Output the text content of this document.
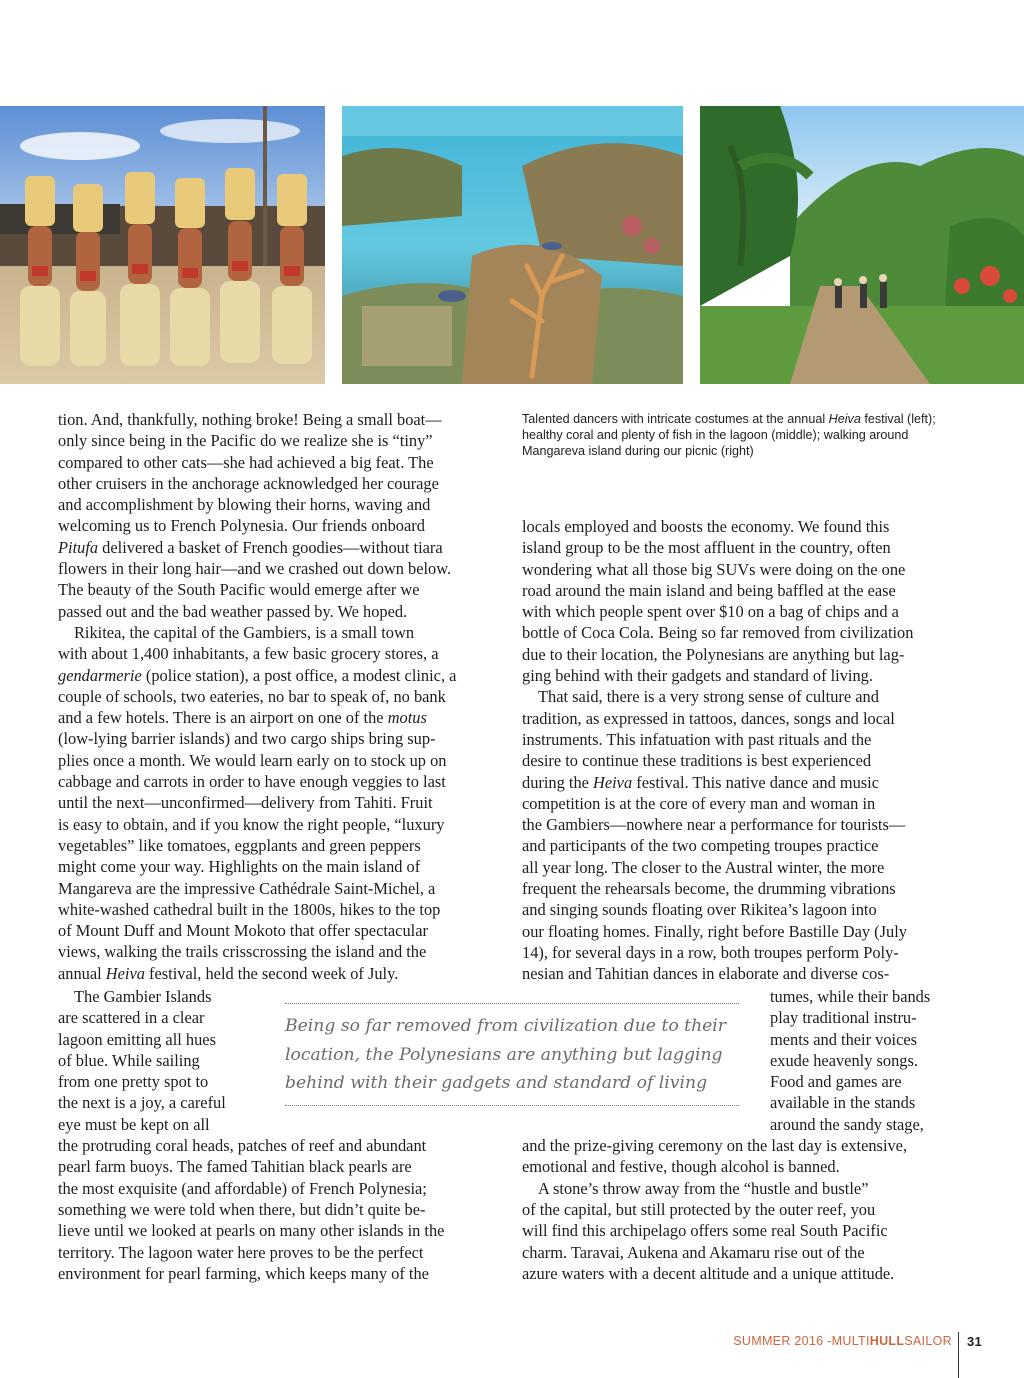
Talented dancers with intricate costumes at the annual Heiva festival (left); healthy coral and plenty of fish in the lagoon (middle); walking around Mangareva island during our picnic (right)
tion. And, thankfully, nothing broke! Being a small boat—
only since being in the Pacific do we realize she is “tiny”
compared to other cats—she had achieved a big feat. The
other cruisers in the anchorage acknowledged her courage
and accomplishment by blowing their horns, waving and
welcoming us to French Polynesia. Our friends onboard
Pitufa delivered a basket of French goodies—without tiara
flowers in their long hair—and we crashed out down below.
The beauty of the South Pacific would emerge after we
passed out and the bad weather passed by. We hoped.
Rikitea, the capital of the Gambiers, is a small town
with about 1,400 inhabitants, a few basic grocery stores, a
gendarmerie (police station), a post office, a modest clinic, a
couple of schools, two eateries, no bar to speak of, no bank
and a few hotels. There is an airport on one of the motus
(low-lying barrier islands) and two cargo ships bring sup-
plies once a month. We would learn early on to stock up on
cabbage and carrots in order to have enough veggies to last
until the next—unconfirmed—delivery from Tahiti. Fruit
is easy to obtain, and if you know the right people, “luxury
vegetables” like tomatoes, eggplants and green peppers
might come your way. Highlights on the main island of
Mangareva are the impressive Cathédrale Saint-Michel, a
white-washed cathedral built in the 1800s, hikes to the top
of Mount Duff and Mount Mokoto that offer spectacular
views, walking the trails crisscrossing the island and the
annual Heiva festival, held the second week of July.
The Gambier Islands
are scattered in a clear
lagoon emitting all hues
of blue. While sailing
from one pretty spot to
the next is a joy, a careful
eye must be kept on all
the protruding coral heads, patches of reef and abundant
pearl farm buoys. The famed Tahitian black pearls are
the most exquisite (and affordable) of French Polynesia;
something we were told when there, but didn’t quite be-
lieve until we looked at pearls on many other islands in the
territory. The lagoon water here proves to be the perfect
environment for pearl farming, which keeps many of the
locals employed and boosts the economy. We found this
island group to be the most affluent in the country, often
wondering what all those big SUVs were doing on the one
road around the main island and being baffled at the ease
with which people spent over $10 on a bag of chips and a
bottle of Coca Cola. Being so far removed from civilization
due to their location, the Polynesians are anything but lag-
ging behind with their gadgets and standard of living.
That said, there is a very strong sense of culture and
tradition, as expressed in tattoos, dances, songs and local
instruments. This infatuation with past rituals and the
desire to continue these traditions is best experienced
during the Heiva festival. This native dance and music
competition is at the core of every man and woman in
the Gambiers—nowhere near a performance for tourists—
and participants of the two competing troupes practice
all year long. The closer to the Austral winter, the more
frequent the rehearsals become, the drumming vibrations
and singing sounds floating over Rikitea’s lagoon into
our floating homes. Finally, right before Bastille Day (July
14), for several days in a row, both troupes perform Poly-
nesian and Tahitian dances in elaborate and diverse cos-
tumes, while their bands
play traditional instru-
ments and their voices
exude heavenly songs.
Food and games are
available in the stands
around the sandy stage,
and the prize-giving ceremony on the last day is extensive,
emotional and festive, though alcohol is banned.
A stone’s throw away from the “hustle and bustle”
of the capital, but still protected by the outer reef, you
will find this archipelago offers some real South Pacific
charm. Taravai, Aukena and Akamaru rise out of the
azure waters with a decent altitude and a unique attitude.
Being so far removed from civilization due to their
location, the Polynesians are anything but lagging
behind with their gadgets and standard of living
SUMMER 2016 - MULTIHULLSAILOR 31
